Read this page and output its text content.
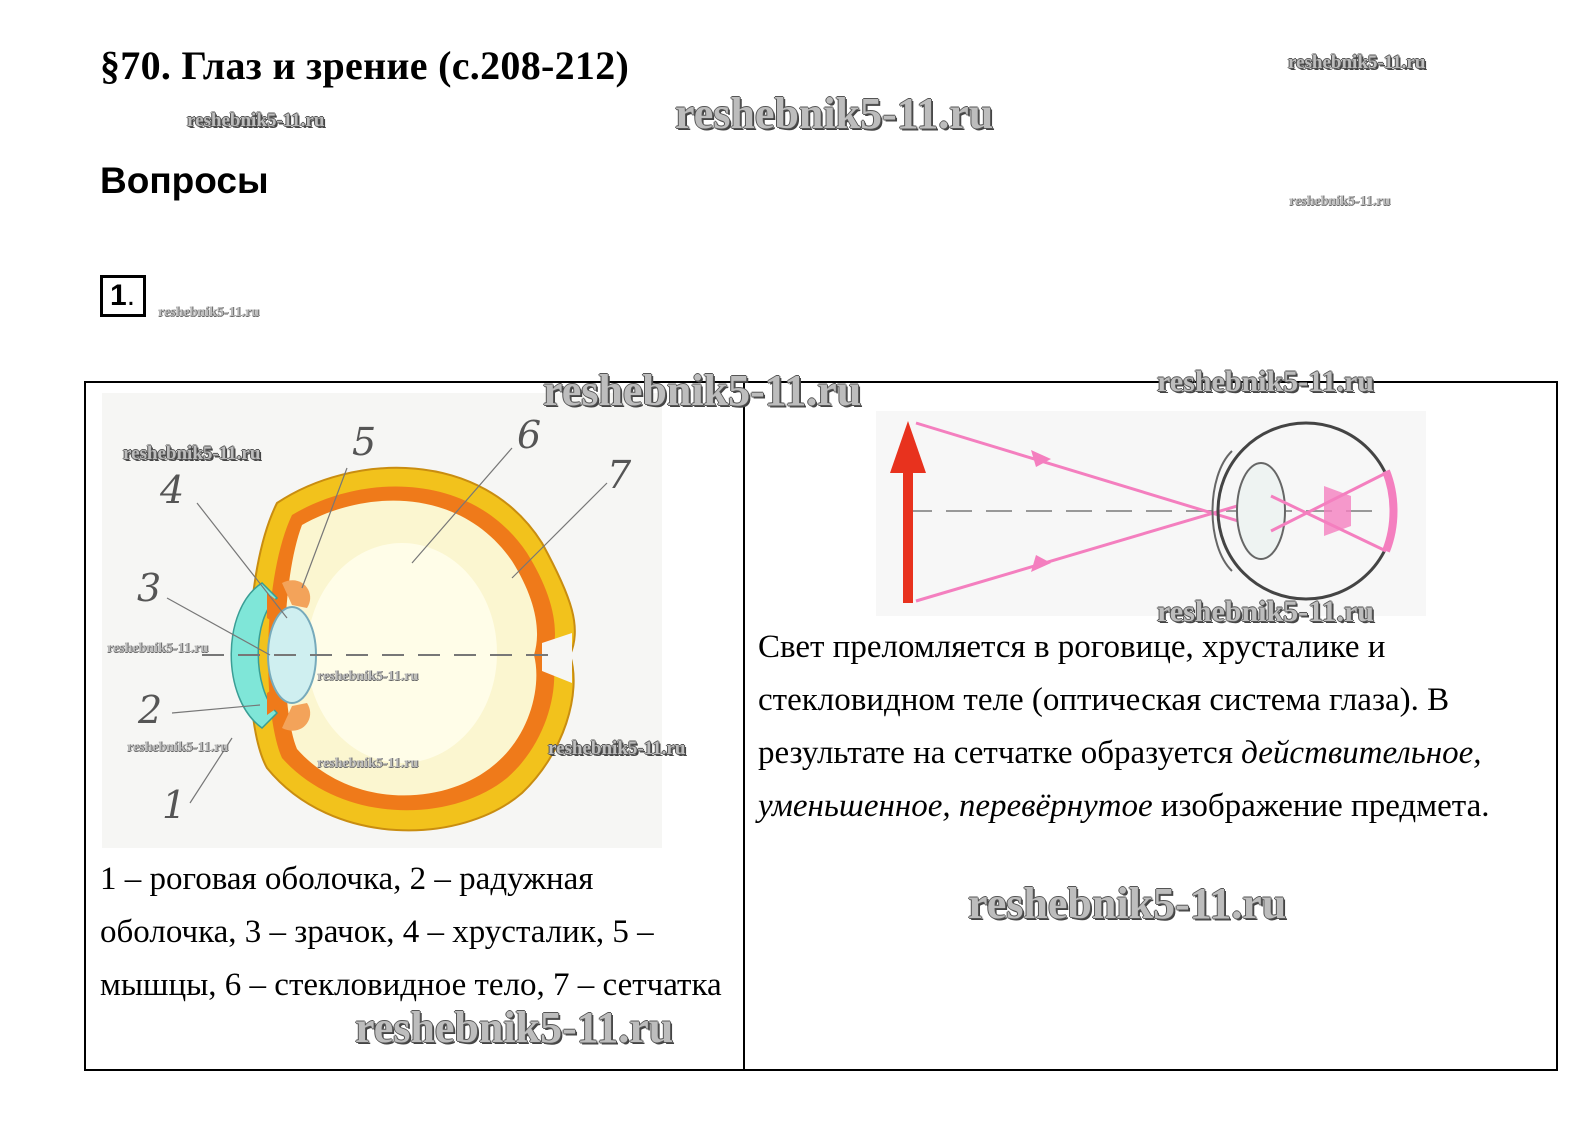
§70. Глаз и зрение (с.208-212)
Вопросы
1.
reshebnik5-11.ru
reshebnik5-11.ru	reshebnik5-11.ru
reshebnik5-11.ru
reshebnik5-11.ru
reshebnik5-11.ru	reshebnik5-11.ru
reshebnik5-11.ru
reshebnik5-11.ru
reshebnik5-11.ru
reshebnik5-11.ru
reshebnik5-11.ru
reshebnik5-11.ru
reshebnik5-11.ru
reshebnik5-11.ru
reshebnik5-11.ru
1
2
3
4
5	6
7
1 – роговая оболочка, 2 – радужная оболочка, 3 – зрачок, 4 – хрусталик, 5 – мышцы, 6 – стекловидное тело, 7 – сетчатка
Свет преломляется в роговице, хрусталике и стекловидном теле (оптическая система глаза). В результате на сетчатке образуется действительное, уменьшенное, перевёрнутое изображение предмета.
